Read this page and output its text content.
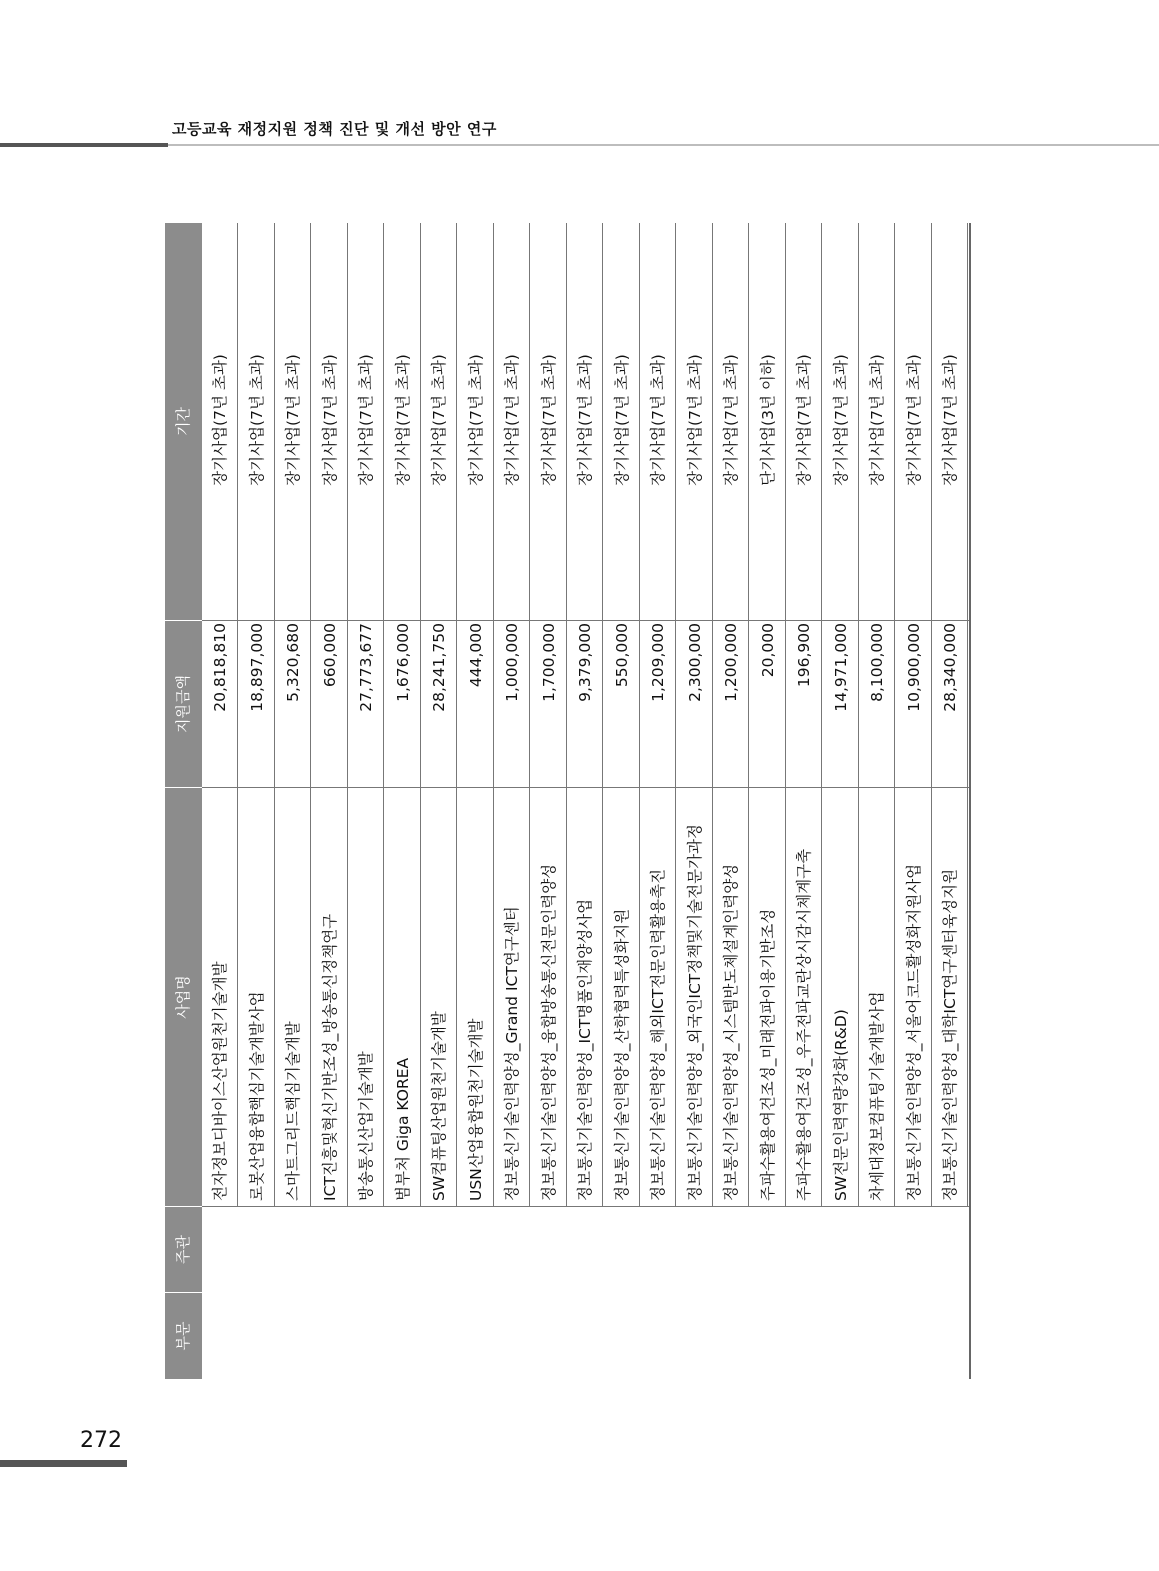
고등교육 재정지원 정책 진단 및 개선 방안 연구
부문
주관
사업명
지원금액
기간
전자정보디바이스산업원천기술개발
20,818,810
장기사업(7년 초과)
로봇산업융합핵심기술개발사업
18,897,000
장기사업(7년 초과)
스마트그리드핵심기술개발
5,320,680
장기사업(7년 초과)
ICT진흥및혁신기반조성_방송통신정책연구
660,000
장기사업(7년 초과)
방송통신산업기술개발
27,773,677
장기사업(7년 초과)
범부처 Giga KOREA
1,676,000
장기사업(7년 초과)
SW컴퓨팅산업원천기술개발
28,241,750
장기사업(7년 초과)
USN산업융합원천기술개발
444,000
장기사업(7년 초과)
정보통신기술인력양성_Grand ICT연구센터
1,000,000
장기사업(7년 초과)
정보통신기술인력양성_융합방송통신전문인력양성
1,700,000
장기사업(7년 초과)
정보통신기술인력양성_ICT명품인재양성사업
9,379,000
장기사업(7년 초과)
정보통신기술인력양성_산학협력특성화지원
550,000
장기사업(7년 초과)
정보통신기술인력양성_해외ICT전문인력활용촉진
1,209,000
장기사업(7년 초과)
정보통신기술인력양성_외국인ICT정책및기술전문가과정
2,300,000
장기사업(7년 초과)
정보통신기술인력양성_시스템반도체설계인력양성
1,200,000
장기사업(7년 초과)
주파수활용여건조성_미래전파이용기반조성
20,000
단기사업(3년 이하)
주파수활용여건조성_우주전파교란상시감시체계구축
196,900
장기사업(7년 초과)
SW전문인력역량강화(R&D)
14,971,000
장기사업(7년 초과)
차세대정보컴퓨팅기술개발사업
8,100,000
장기사업(7년 초과)
정보통신기술인력양성_서울어코드활성화지원사업
10,900,000
장기사업(7년 초과)
정보통신기술인력양성_대학ICT연구센터육성지원
28,340,000
장기사업(7년 초과)
272
